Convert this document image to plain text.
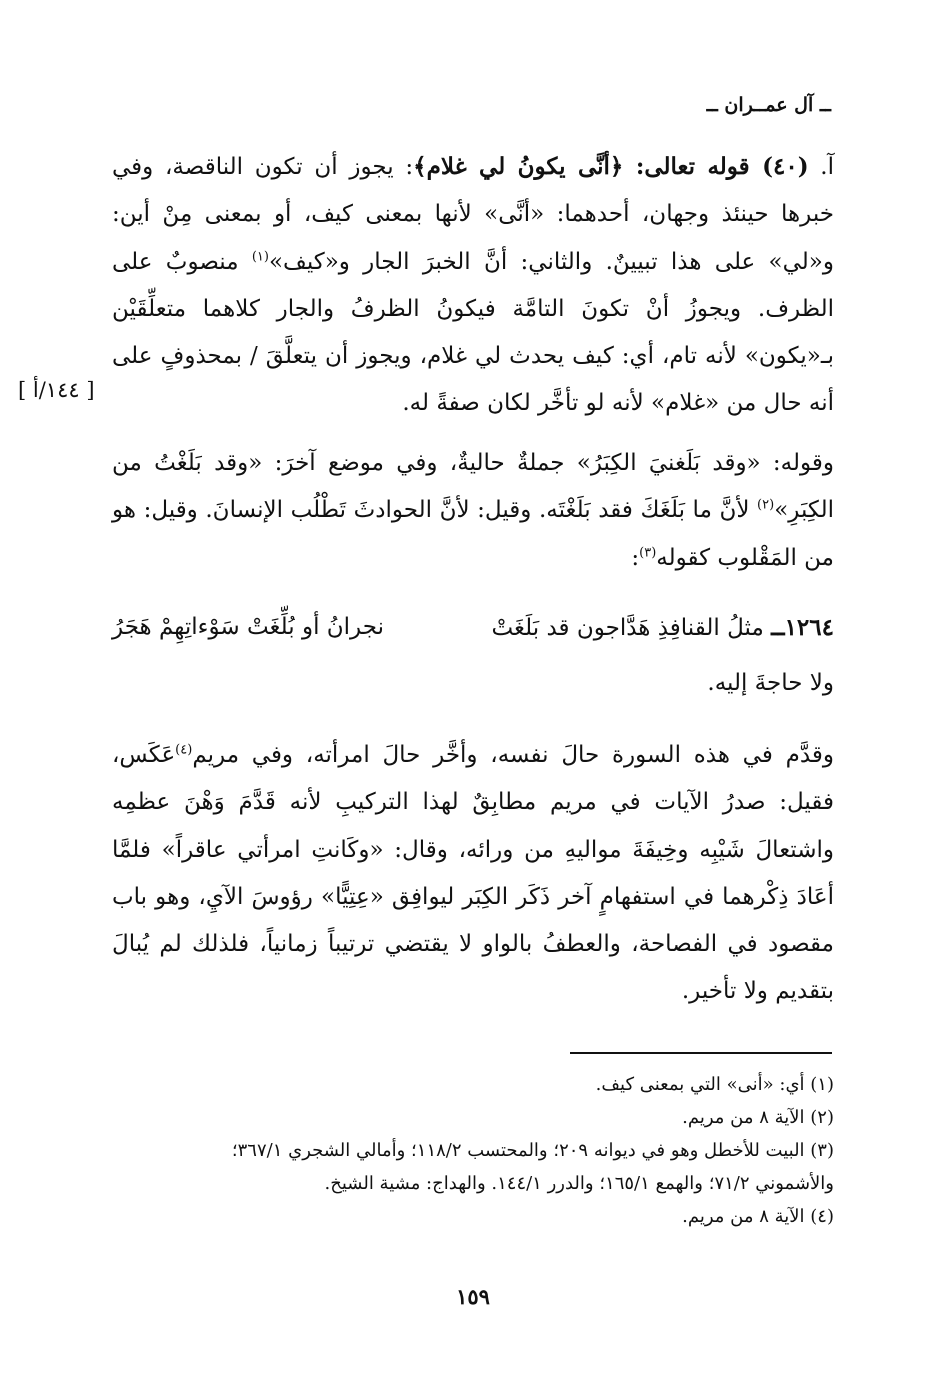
ــ آل عمــران ــ
آ. (٤٠) قوله تعالى: ﴿أنَّى يكونُ لي غلام﴾: يجوز أن تكون الناقصة، وفي خبرها حينئذ وجهان، أحدهما: «أنَّى» لأنها بمعنى كيف، أو بمعنى مِنْ أين: و«لي» على هذا تبيينٌ. والثاني: أنَّ الخبرَ الجار و«كيف»$^{(١)}$ منصوبٌ على الظرف. ويجوزُ أنْ تكونَ التامَّة فيكونُ الظرفُ والجار كلاهما متعلِّقَيْن بـ«يكون» لأنه تام، أي: كيف يحدث لي غلام، ويجوز أن يتعلَّقَ / بمحذوفٍ على أنه حال من «غلام» لأنه لو تأخَّر لكان صفةً له.
[ ١٤٤/أ ]
وقوله: «وقد بَلَغنيَ الكِبَرُ» جملةٌ حاليةٌ، وفي موضع آخرَ: «وقد بَلَغْتُ من الكِبَرِ»$^{(٢)}$ لأنَّ ما بَلَغَكَ فقد بَلَغْتَه. وقيل: لأنَّ الحوادثَ تَطْلُب الإنسانَ. وقيل: هو من المَقْلوب كقوله$^{(٣)}$:
١٢٦٤ــ مثلُ القنافِذِ هَدَّاجون قد بَلَغَتْ
نجرانُ أو بُلِّغَتْ سَوْءاتِهِمْ هَجَرُ
ولا حاجةَ إليه.
وقدَّم في هذه السورة حالَ نفسه، وأخَّر حالَ امرأته، وفي مريم$^{(٤)}$عَكَس، فقيل: صدرُ الآيات في مريم مطابِقٌ لهذا التركيبِ لأنه قَدَّمَ وَهْنَ عظمِه واشتعالَ شَيْبِه وخِيفَةَ مواليهِ من ورائه، وقال: «وكَانتِ امرأتي عاقراً» فلمَّا أعَادَ ذِكْرهما في استفهامٍ آخر ذَكَر الكِبَر ليوافِق «عِتِيًّا» رؤوسَ الآيِ، وهو باب مقصود في الفصاحة، والعطفُ بالواو لا يقتضي ترتيباً زمانياً، فلذلك لم يُبالَ بتقديم ولا تأخير.
(١) أي: «أنى» التي بمعنى كيف.
(٢) الآية ٨ من مريم.
(٣) البيت للأخطل وهو في ديوانه ٢٠٩؛ والمحتسب ١١٨/٢؛ وأمالي الشجري ٣٦٧/١؛
والأشموني ٧١/٢؛ والهمع ١٦٥/١؛ والدرر ١٤٤/١. والهداج: مشية الشيخ.
(٤) الآية ٨ من مريم.
١٥٩
